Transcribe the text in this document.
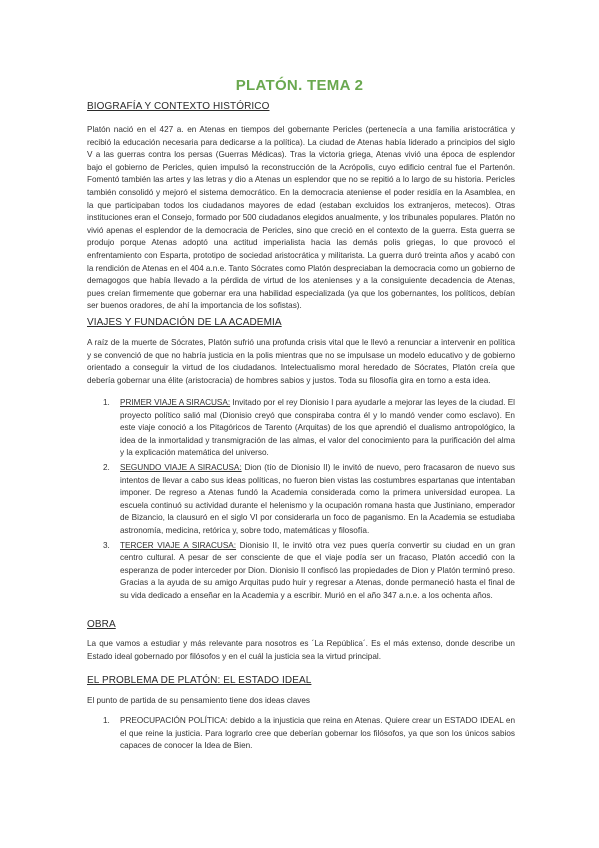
PLATÓN. TEMA 2
BIOGRAFÍA Y CONTEXTO HISTÓRICO
Platón nació en el 427 a. en Atenas en tiempos del gobernante Pericles (pertenecía a una familia aristocrática y recibió la educación necesaria para dedicarse a la política). La ciudad de Atenas había liderado a principios del siglo V a las guerras contra los persas (Guerras Médicas). Tras la victoria griega, Atenas vivió una época de esplendor bajo el gobierno de Pericles, quien impulsó la reconstrucción de la Acrópolis, cuyo edificio central fue el Partenón. Fomentó también las artes y las letras y dio a Atenas un esplendor que no se repitió a lo largo de su historia. Pericles también consolidó y mejoró el sistema democrático. En la democracia ateniense el poder residía en la Asamblea, en la que participaban todos los ciudadanos mayores de edad (estaban excluidos los extranjeros, metecos). Otras instituciones eran el Consejo, formado por 500 ciudadanos elegidos anualmente, y los tribunales populares. Platón no vivió apenas el esplendor de la democracia de Pericles, sino que creció en el contexto de la guerra. Esta guerra se produjo porque Atenas adoptó una actitud imperialista hacia las demás polis griegas, lo que provocó el enfrentamiento con Esparta, prototipo de sociedad aristocrática y militarista. La guerra duró treinta años y acabó con la rendición de Atenas en el 404 a.n.e. Tanto Sócrates como Platón despreciaban la democracia como un gobierno de demagogos que había llevado a la pérdida de virtud de los atenienses y a la consiguiente decadencia de Atenas, pues creían firmemente que gobernar era una habilidad especializada (ya que los gobernantes, los políticos, debían ser buenos oradores, de ahí la importancia de los sofistas).
VIAJES Y FUNDACIÓN DE LA ACADEMIA
A raíz de la muerte de Sócrates, Platón sufrió una profunda crisis vital que le llevó a renunciar a intervenir en política y se convenció de que no habría justicia en la polis mientras que no se impulsase un modelo educativo y de gobierno orientado a conseguir la virtud de los ciudadanos. Intelectualismo moral heredado de Sócrates, Platón creía que debería gobernar una élite (aristocracia) de hombres sabios y justos. Toda su filosofía gira en torno a esta idea.
1. PRIMER VIAJE A SIRACUSA: Invitado por el rey Dionisio I para ayudarle a mejorar las leyes de la ciudad. El proyecto político salió mal (Dionisio creyó que conspiraba contra él y lo mandó vender como esclavo). En este viaje conoció a los Pitagóricos de Tarento (Arquitas) de los que aprendió el dualismo antropológico, la idea de la inmortalidad y transmigración de las almas, el valor del conocimiento para la purificación del alma y la explicación matemática del universo.
2. SEGUNDO VIAJE A SIRACUSA: Dion (tío de Dionisio II) le invitó de nuevo, pero fracasaron de nuevo sus intentos de llevar a cabo sus ideas políticas, no fueron bien vistas las costumbres espartanas que intentaban imponer. De regreso a Atenas fundó la Academia considerada como la primera universidad europea. La escuela continuó su actividad durante el helenismo y la ocupación romana hasta que Justiniano, emperador de Bizancio, la clausuró en el siglo VI por considerarla un foco de paganismo. En la Academia se estudiaba astronomía, medicina, retórica y, sobre todo, matemáticas y filosofía.
3. TERCER VIAJE A SIRACUSA: Dionisio II, le invitó otra vez pues quería convertir su ciudad en un gran centro cultural. A pesar de ser consciente de que el viaje podía ser un fracaso, Platón accedió con la esperanza de poder interceder por Dion. Dionisio II confiscó las propiedades de Dion y Platón terminó preso. Gracias a la ayuda de su amigo Arquitas pudo huir y regresar a Atenas, donde permaneció hasta el final de su vida dedicado a enseñar en la Academia y a escribir. Murió en el año 347 a.n.e. a los ochenta años.
OBRA
La que vamos a estudiar y más relevante para nosotros es ´La República´. Es el más extenso, donde describe un Estado ideal gobernado por filósofos y en el cuál la justicia sea la virtud principal.
EL PROBLEMA DE PLATÓN: EL ESTADO IDEAL
El punto de partida de su pensamiento tiene dos ideas claves
1. PREOCUPACIÓN POLÍTICA: debido a la injusticia que reina en Atenas. Quiere crear un ESTADO IDEAL en el que reine la justicia. Para lograrlo cree que deberían gobernar los filósofos, ya que son los únicos sabios capaces de conocer la Idea de Bien.
